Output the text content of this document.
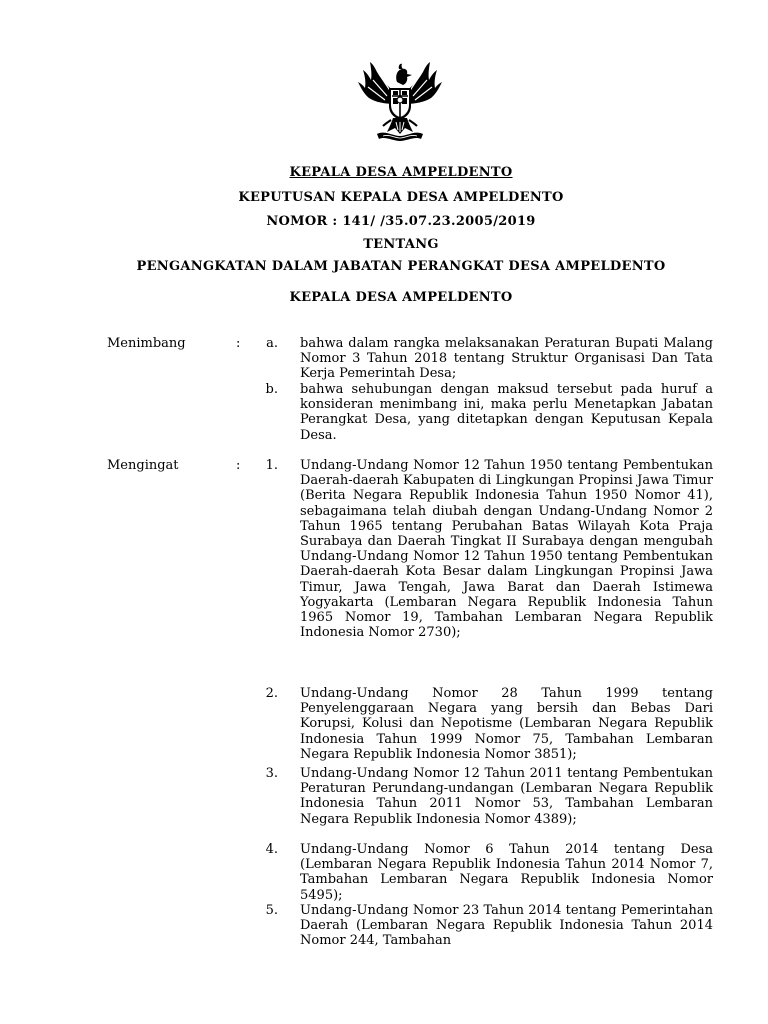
KEPALA DESA AMPELDENTO
KEPUTUSAN KEPALA DESA AMPELDENTO
NOMOR : 141/ /35.07.23.2005/2019
TENTANG
PENGANGKATAN DALAM JABATAN PERANGKAT DESA AMPELDENTO
KEPALA DESA AMPELDENTO
Menimbang	:	a. bahwa dalam rangka melaksanakan Peraturan Bupati Malang Nomor 3 Tahun 2018 tentang Struktur Organisasi Dan Tata Kerja Pemerintah Desa;
b. bahwa sehubungan dengan maksud tersebut pada huruf a konsideran menimbang ini, maka perlu Menetapkan Jabatan Perangkat Desa, yang ditetapkan dengan Keputusan Kepala Desa.
Mengingat	:	1. Undang-Undang Nomor 12 Tahun 1950 tentang Pembentukan Daerah-daerah Kabupaten di Lingkungan Propinsi Jawa Timur (Berita Negara Republik Indonesia Tahun 1950 Nomor 41), sebagaimana telah diubah dengan Undang-Undang Nomor 2 Tahun 1965 tentang Perubahan Batas Wilayah Kota Praja Surabaya dan Daerah Tingkat II Surabaya dengan mengubah Undang-Undang Nomor 12 Tahun 1950 tentang Pembentukan Daerah-daerah Kota Besar dalam Lingkungan Propinsi Jawa Timur, Jawa Tengah, Jawa Barat dan Daerah Istimewa Yogyakarta (Lembaran Negara Republik Indonesia Tahun 1965 Nomor 19, Tambahan Lembaran Negara Republik Indonesia Nomor 2730);
2. Undang-Undang Nomor 28 Tahun 1999 tentang Penyelenggaraan Negara yang bersih dan Bebas Dari Korupsi, Kolusi dan Nepotisme (Lembaran Negara Republik Indonesia Tahun 1999 Nomor 75, Tambahan Lembaran Negara Republik Indonesia Nomor 3851);
3. Undang-Undang Nomor 12 Tahun 2011 tentang Pembentukan Peraturan Perundang-undangan (Lembaran Negara Republik Indonesia Tahun 2011 Nomor 53, Tambahan Lembaran Negara Republik Indonesia Nomor 4389);
4. Undang-Undang Nomor 6 Tahun 2014 tentang Desa (Lembaran Negara Republik Indonesia Tahun 2014 Nomor 7, Tambahan Lembaran Negara Republik Indonesia Nomor 5495);
5. Undang-Undang Nomor 23 Tahun 2014 tentang Pemerintahan Daerah (Lembaran Negara Republik Indonesia Tahun 2014 Nomor 244, Tambahan
